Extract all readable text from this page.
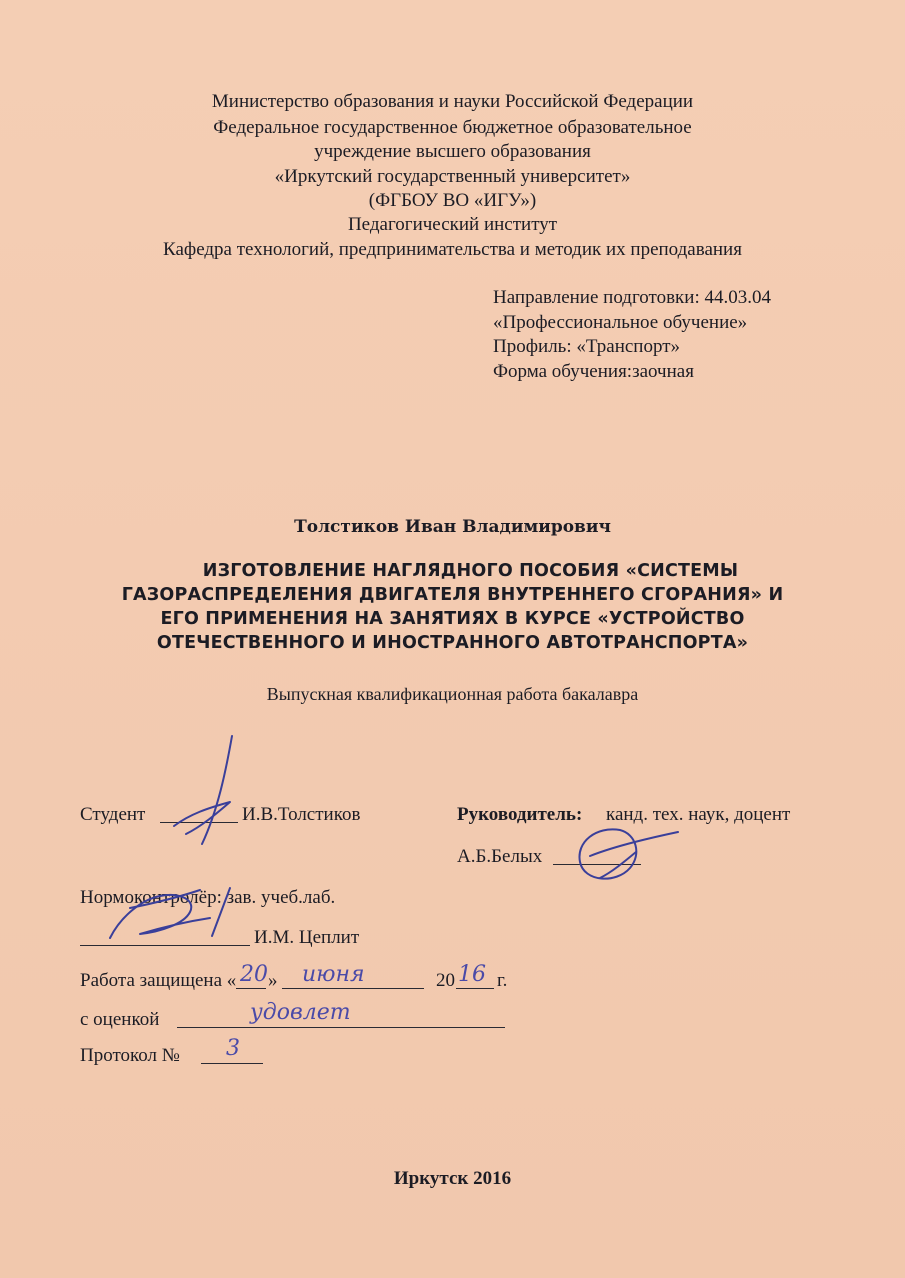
Министерство образования и науки Российской Федерации
Федеральное государственное бюджетное образовательное
учреждение высшего образования
«Иркутский государственный университет»
(ФГБОУ ВО «ИГУ»)
Педагогический институт
Кафедра технологий, предпринимательства и методик их преподавания
Направление подготовки: 44.03.04
«Профессиональное обучение»
Профиль: «Транспорт»
Форма обучения:заочная
Толстиков Иван Владимирович
ИЗГОТОВЛЕНИЕ НАГЛЯДНОГО ПОСОБИЯ «СИСТЕМЫ
ГАЗОРАСПРЕДЕЛЕНИЯ ДВИГАТЕЛЯ ВНУТРЕННЕГО СГОРАНИЯ» И
ЕГО ПРИМЕНЕНИЯ НА ЗАНЯТИЯХ В КУРСЕ «УСТРОЙСТВО
ОТЕЧЕСТВЕННОГО И ИНОСТРАННОГО АВТОТРАНСПОРТА»
Выпускная квалификационная работа бакалавра
Студент	И.В.Толстиков	Руководитель: канд. тех. наук, доцент
А.Б.Белых
Нормоконтролёр: зав. учеб.лаб.
И.М. Цеплит
Работа защищена « 20 » июня	20 16 г.
с оценкой	удовлет
Протокол № 3
Иркутск 2016
